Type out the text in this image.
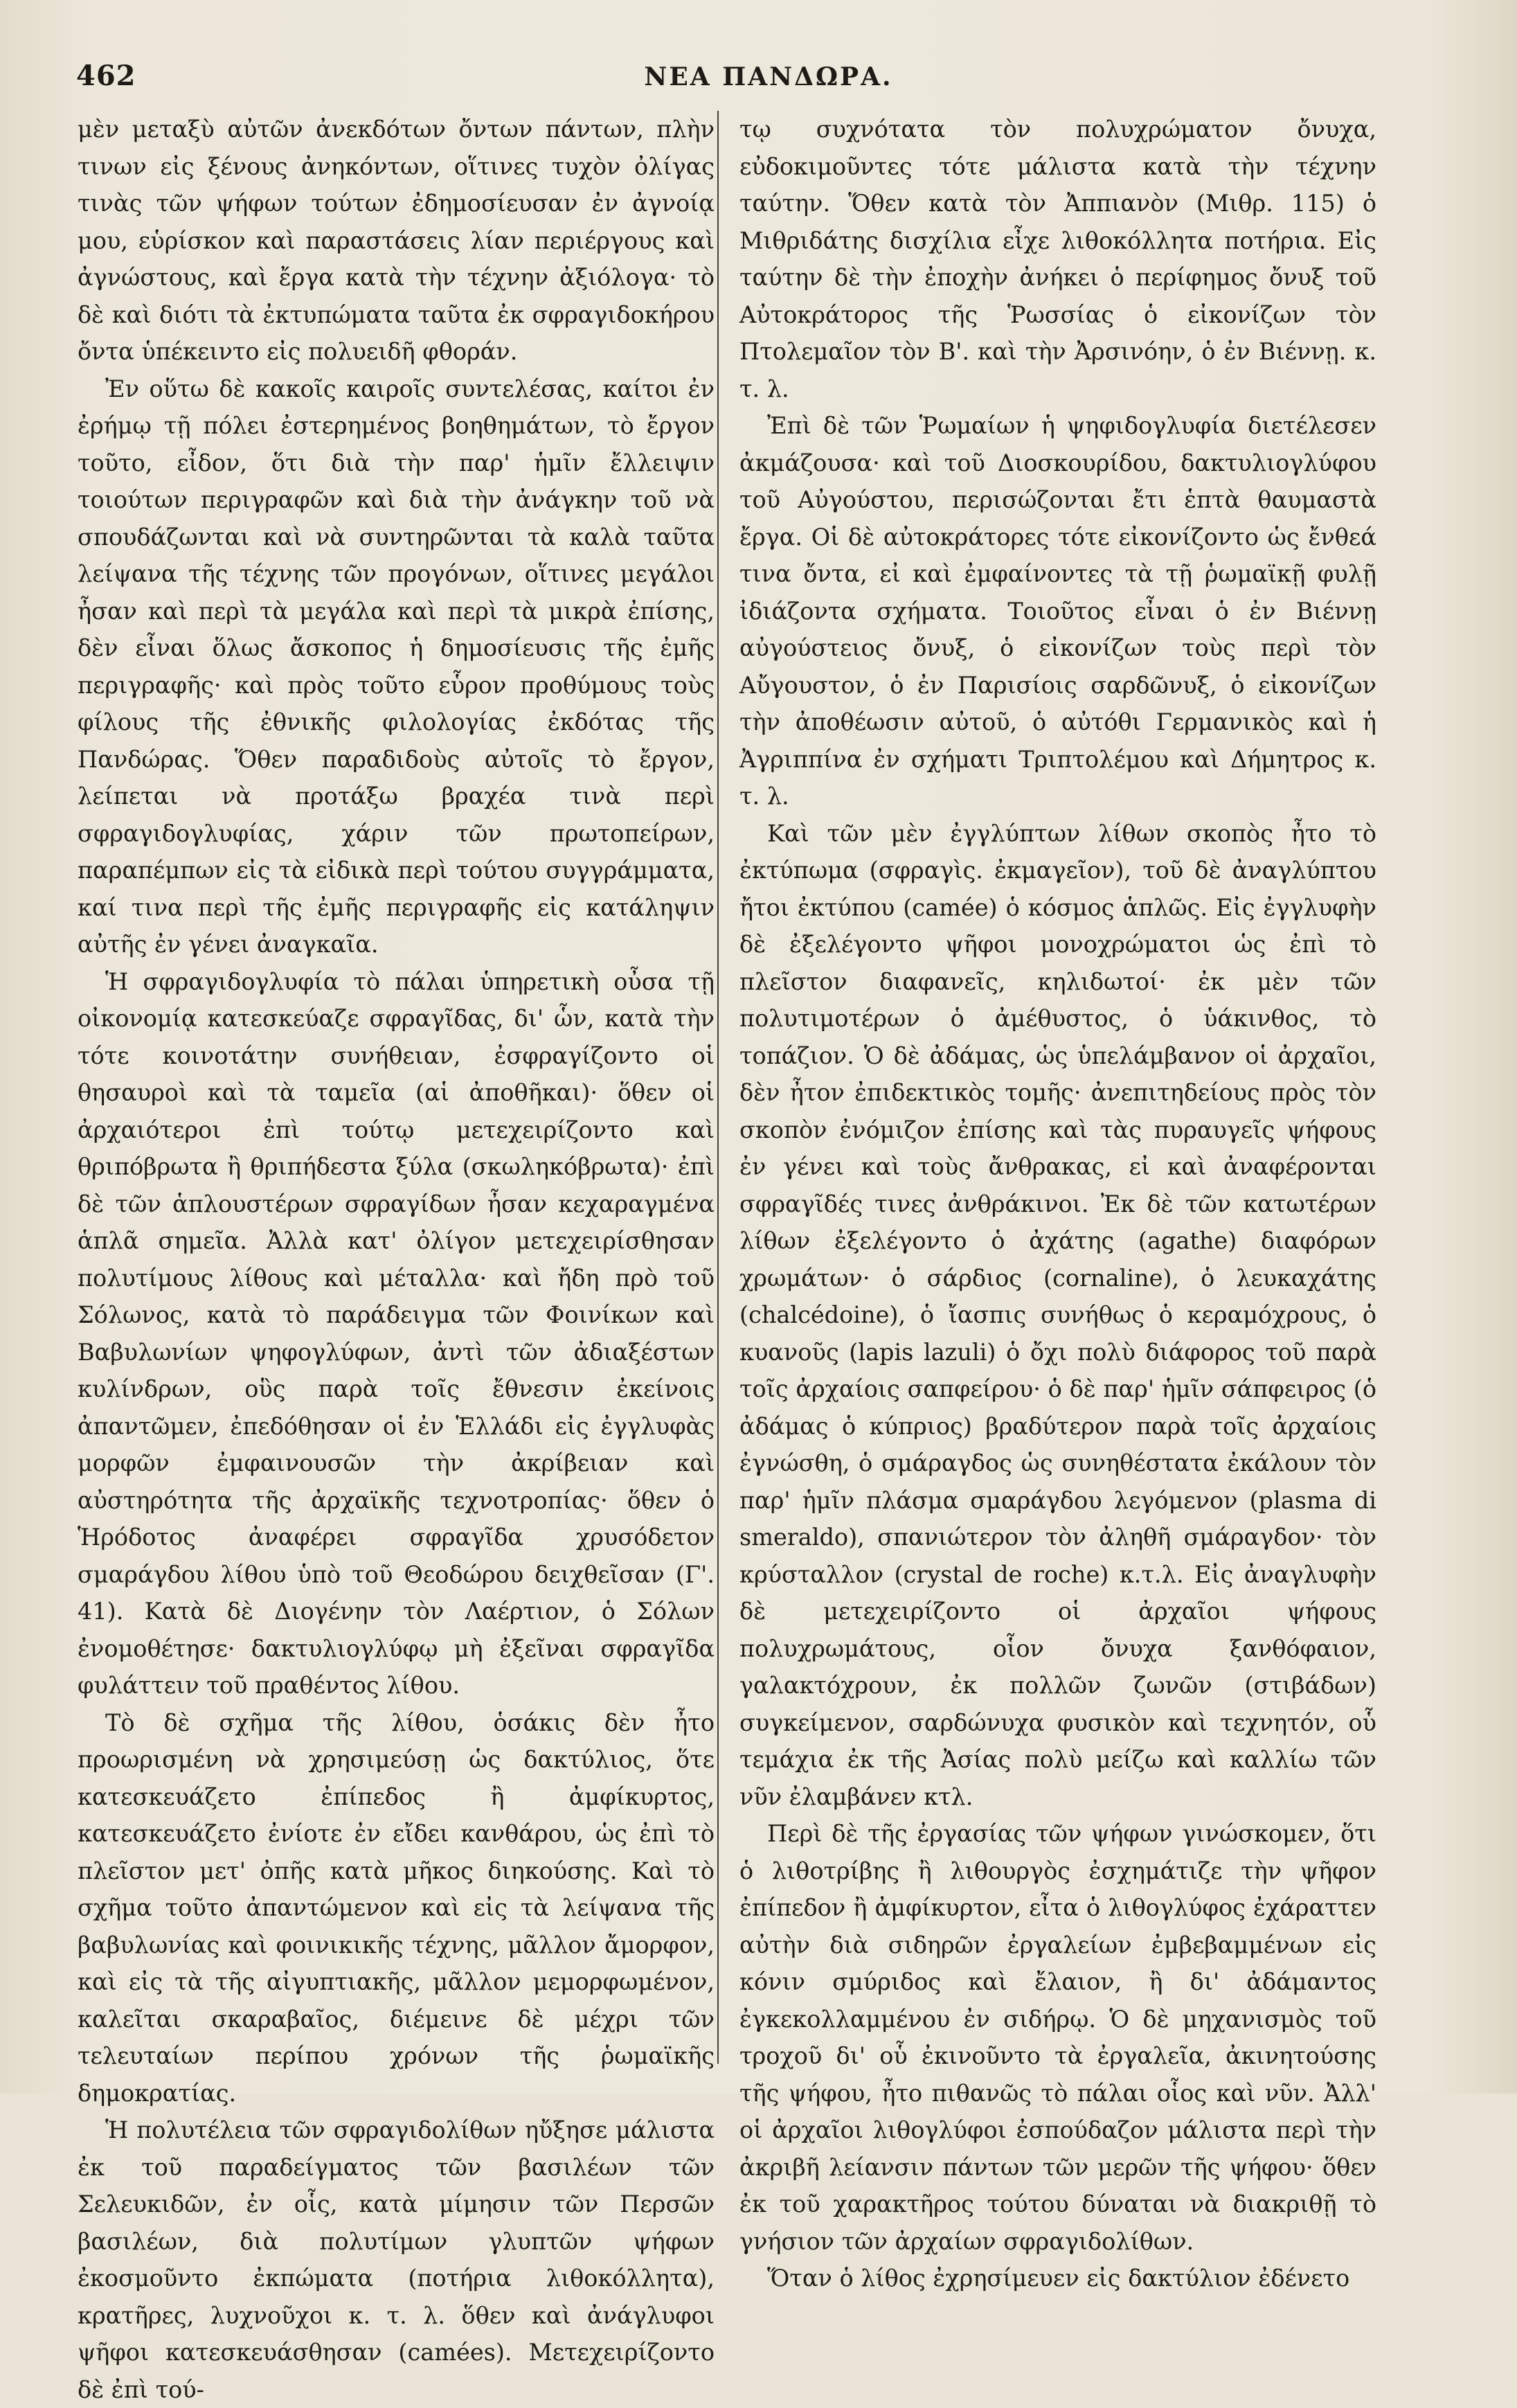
462	ΝΕΑ ΠΑΝΔΩΡΑ.

μὲν μεταξὺ αὐτῶν ἀνεκδότων ὄντων πάντων, πλὴν τινων εἰς ξένους ἀνηκόντων, οἵτινες τυχὸν ὀλίγας τινὰς τῶν ψήφων τούτων ἐδημοσίευσαν ἐν ἀγνοίᾳ μου, εὑρίσκον καὶ παραστάσεις λίαν περιέργους καὶ ἀγνώστους, καὶ ἔργα κατὰ τὴν τέχνην ἀξιόλογα· τὸ δὲ καὶ διότι τὰ ἐκτυπώματα ταῦτα ἐκ σφραγιδοκήρου ὄντα ὑπέκειντο εἰς πολυειδῆ φθοράν.

Ἐν οὕτω δὲ κακοῖς καιροῖς συντελέσας, καίτοι ἐν ἐρήμῳ τῇ πόλει ἐστερημένος βοηθημάτων, τὸ ἔργον τοῦτο, εἶδον, ὅτι διὰ τὴν παρ' ἡμῖν ἔλλειψιν τοιούτων περιγραφῶν καὶ διὰ τὴν ἀνάγκην τοῦ νὰ σπουδάζωνται καὶ νὰ συντηρῶνται τὰ καλὰ ταῦτα λείψανα τῆς τέχνης τῶν προγόνων, οἵτινες μεγάλοι ἦσαν καὶ περὶ τὰ μεγάλα καὶ περὶ τὰ μικρὰ ἐπίσης, δὲν εἶναι ὅλως ἄσκοπος ἡ δημοσίευσις τῆς ἐμῆς περιγραφῆς· καὶ πρὸς τοῦτο εὗρον προθύμους τοὺς φίλους τῆς ἐθνικῆς φιλολογίας ἐκδότας τῆς Πανδώρας. Ὅθεν παραδιδοὺς αὐτοῖς τὸ ἔργον, λείπεται νὰ προτάξω βραχέα τινὰ περὶ σφραγιδογλυφίας, χάριν τῶν πρωτοπείρων, παραπέμπων εἰς τὰ εἰδικὰ περὶ τούτου συγγράμματα, καί τινα περὶ τῆς ἐμῆς περιγραφῆς εἰς κατάληψιν αὐτῆς ἐν γένει ἀναγκαῖα.

Ἡ σφραγιδογλυφία τὸ πάλαι ὑπηρετικὴ οὖσα τῇ οἰκονομίᾳ κατεσκεύαζε σφραγῖδας, δι' ὧν, κατὰ τὴν τότε κοινοτάτην συνήθειαν, ἐσφραγίζοντο οἱ θησαυροὶ καὶ τὰ ταμεῖα (αἱ ἀποθῆκαι)· ὅθεν οἱ ἀρχαιότεροι ἐπὶ τούτῳ μετεχειρίζοντο καὶ θριπόβρωτα ἢ θριπήδεστα ξύλα (σκωληκόβρωτα)· ἐπὶ δὲ τῶν ἁπλουστέρων σφραγίδων ἦσαν κεχαραγμένα ἁπλᾶ σημεῖα. Ἀλλὰ κατ' ὀλίγον μετεχειρίσθησαν πολυτίμους λίθους καὶ μέταλλα· καὶ ἤδη πρὸ τοῦ Σόλωνος, κατὰ τὸ παράδειγμα τῶν Φοινίκων καὶ Βαβυλωνίων ψηφογλύφων, ἀντὶ τῶν ἀδιαξέστων κυλίνδρων, οὓς παρὰ τοῖς ἔθνεσιν ἐκείνοις ἀπαντῶμεν, ἐπεδόθησαν οἱ ἐν Ἑλλάδι εἰς ἐγγλυφὰς μορφῶν ἐμφαινουσῶν τὴν ἀκρίβειαν καὶ αὐστηρότητα τῆς ἀρχαϊκῆς τεχνοτροπίας· ὅθεν ὁ Ἡρόδοτος ἀναφέρει σφραγῖδα χρυσόδετον σμαράγδου λίθου ὑπὸ τοῦ Θεοδώρου δειχθεῖσαν (Γ'. 41). Κατὰ δὲ Διογένην τὸν Λαέρτιον, ὁ Σόλων ἐνομοθέτησε· δακτυλιογλύφῳ μὴ ἐξεῖναι σφραγῖδα φυλάττειν τοῦ πραθέντος λίθου.

Τὸ δὲ σχῆμα τῆς λίθου, ὁσάκις δὲν ἦτο προωρισμένη νὰ χρησιμεύσῃ ὡς δακτύλιος, ὅτε κατεσκευάζετο ἐπίπεδος ἢ ἀμφίκυρτος, κατεσκευάζετο ἐνίοτε ἐν εἴδει κανθάρου, ὡς ἐπὶ τὸ πλεῖστον μετ' ὀπῆς κατὰ μῆκος διηκούσης. Καὶ τὸ σχῆμα τοῦτο ἀπαντώμενον καὶ εἰς τὰ λείψανα τῆς βαβυλωνίας καὶ φοινικικῆς τέχνης, μᾶλλον ἄμορφον, καὶ εἰς τὰ τῆς αἰγυπτιακῆς, μᾶλλον μεμορφωμένον, καλεῖται σκαραβαῖος, διέμεινε δὲ μέχρι τῶν τελευταίων περίπου χρόνων τῆς ῥωμαϊκῆς δημοκρατίας.

Ἡ πολυτέλεια τῶν σφραγιδολίθων ηὔξησε μάλιστα ἐκ τοῦ παραδείγματος τῶν βασιλέων τῶν Σελευκιδῶν, ἐν οἷς, κατὰ μίμησιν τῶν Περσῶν βασιλέων, διὰ πολυτίμων γλυπτῶν ψήφων ἐκοσμοῦντο ἐκπώματα (ποτήρια λιθοκόλλητα), κρατῆρες, λυχνοῦχοι κ. τ. λ. ὅθεν καὶ ἀνάγλυφοι ψῆφοι κατεσκευάσθησαν (camées). Μετεχειρίζοντο δὲ ἐπὶ τού-

τῳ συχνότατα τὸν πολυχρώματον ὄνυχα, εὐδοκιμοῦντες τότε μάλιστα κατὰ τὴν τέχνην ταύτην. Ὅθεν κατὰ τὸν Ἀππιανὸν (Μιθρ. 115) ὁ Μιθριδάτης δισχίλια εἶχε λιθοκόλλητα ποτήρια. Εἰς ταύτην δὲ τὴν ἐποχὴν ἀνήκει ὁ περίφημος ὄνυξ τοῦ Αὐτοκράτορος τῆς Ῥωσσίας ὁ εἰκονίζων τὸν Πτολεμαῖον τὸν Β'. καὶ τὴν Ἀρσινόην, ὁ ἐν Βιέννῃ. κ. τ. λ.

Ἐπὶ δὲ τῶν Ῥωμαίων ἡ ψηφιδογλυφία διετέλεσεν ἀκμάζουσα· καὶ τοῦ Διοσκουρίδου, δακτυλιογλύφου τοῦ Αὐγούστου, περισώζονται ἔτι ἑπτὰ θαυμαστὰ ἔργα. Οἱ δὲ αὐτοκράτορες τότε εἰκονίζοντο ὡς ἔνθεά τινα ὄντα, εἰ καὶ ἐμφαίνοντες τὰ τῇ ῥωμαϊκῇ φυλῇ ἰδιάζοντα σχήματα. Τοιοῦτος εἶναι ὁ ἐν Βιέννῃ αὐγούστειος ὄνυξ, ὁ εἰκονίζων τοὺς περὶ τὸν Αὔγουστον, ὁ ἐν Παρισίοις σαρδῶνυξ, ὁ εἰκονίζων τὴν ἀποθέωσιν αὐτοῦ, ὁ αὐτόθι Γερμανικὸς καὶ ἡ Ἀγριππίνα ἐν σχήματι Τριπτολέμου καὶ Δήμητρος κ. τ. λ.

Καὶ τῶν μὲν ἐγγλύπτων λίθων σκοπὸς ἦτο τὸ ἐκτύπωμα (σφραγὶς. ἐκμαγεῖον), τοῦ δὲ ἀναγλύπτου ἤτοι ἐκτύπου (camée) ὁ κόσμος ἁπλῶς. Εἰς ἐγγλυφὴν δὲ ἐξελέγοντο ψῆφοι μονοχρώματοι ὡς ἐπὶ τὸ πλεῖστον διαφανεῖς, κηλιδωτοί· ἐκ μὲν τῶν πολυτιμοτέρων ὁ ἀμέθυστος, ὁ ὑάκινθος, τὸ τοπάζιον. Ὁ δὲ ἀδάμας, ὡς ὑπελάμβανον οἱ ἀρχαῖοι, δὲν ἦτον ἐπιδεκτικὸς τομῆς· ἀνεπιτηδείους πρὸς τὸν σκοπὸν ἐνόμιζον ἐπίσης καὶ τὰς πυραυγεῖς ψήφους ἐν γένει καὶ τοὺς ἄνθρακας, εἰ καὶ ἀναφέρονται σφραγῖδές τινες ἀνθράκινοι. Ἐκ δὲ τῶν κατωτέρων λίθων ἐξελέγοντο ὁ ἀχάτης (agathe) διαφόρων χρωμάτων· ὁ σάρδιος (cornaline), ὁ λευκαχάτης (chalcédoine), ὁ ἴασπις συνήθως ὁ κεραμόχρους, ὁ κυανοῦς (lapis lazuli) ὁ ὄχι πολὺ διάφορος τοῦ παρὰ τοῖς ἀρχαίοις σαπφείρου· ὁ δὲ παρ' ἡμῖν σάπφειρος (ὁ ἀδάμας ὁ κύπριος) βραδύτερον παρὰ τοῖς ἀρχαίοις ἐγνώσθη, ὁ σμάραγδος ὡς συνηθέστατα ἐκάλουν τὸν παρ' ἡμῖν πλάσμα σμαράγδου λεγόμενον (plasma di smeraldo), σπανιώτερον τὸν ἀληθῆ σμάραγδον· τὸν κρύσταλλον (crystal de roche) κ.τ.λ. Εἰς ἀναγλυφὴν δὲ μετεχειρίζοντο οἱ ἀρχαῖοι ψήφους πολυχρωμάτους, οἷον ὄνυχα ξανθόφαιον, γαλακτόχρουν, ἐκ πολλῶν ζωνῶν (στιβάδων) συγκείμενον, σαρδώνυχα φυσικὸν καὶ τεχνητόν, οὗ τεμάχια ἐκ τῆς Ἀσίας πολὺ μείζω καὶ καλλίω τῶν νῦν ἐλαμβάνεν κτλ.

Περὶ δὲ τῆς ἐργασίας τῶν ψήφων γινώσκομεν, ὅτι ὁ λιθοτρίβης ἢ λιθουργὸς ἐσχημάτιζε τὴν ψῆφον ἐπίπεδον ἢ ἀμφίκυρτον, εἶτα ὁ λιθογλύφος ἐχάραττεν αὐτὴν διὰ σιδηρῶν ἐργαλείων ἐμβεβαμμένων εἰς κόνιν σμύριδος καὶ ἔλαιον, ἢ δι' ἀδάμαντος ἐγκεκολλαμμένου ἐν σιδήρῳ. Ὁ δὲ μηχανισμὸς τοῦ τροχοῦ δι' οὗ ἐκινοῦντο τὰ ἐργαλεῖα, ἀκινητούσης τῆς ψήφου, ἦτο πιθανῶς τὸ πάλαι οἷος καὶ νῦν. Ἀλλ' οἱ ἀρχαῖοι λιθογλύφοι ἐσπούδαζον μάλιστα περὶ τὴν ἀκριβῆ λείανσιν πάντων τῶν μερῶν τῆς ψήφου· ὅθεν ἐκ τοῦ χαρακτῆρος τούτου δύναται νὰ διακριθῇ τὸ γνήσιον τῶν ἀρχαίων σφραγιδολίθων.

Ὅταν ὁ λίθος ἐχρησίμευεν εἰς δακτύλιον ἐδένετο
